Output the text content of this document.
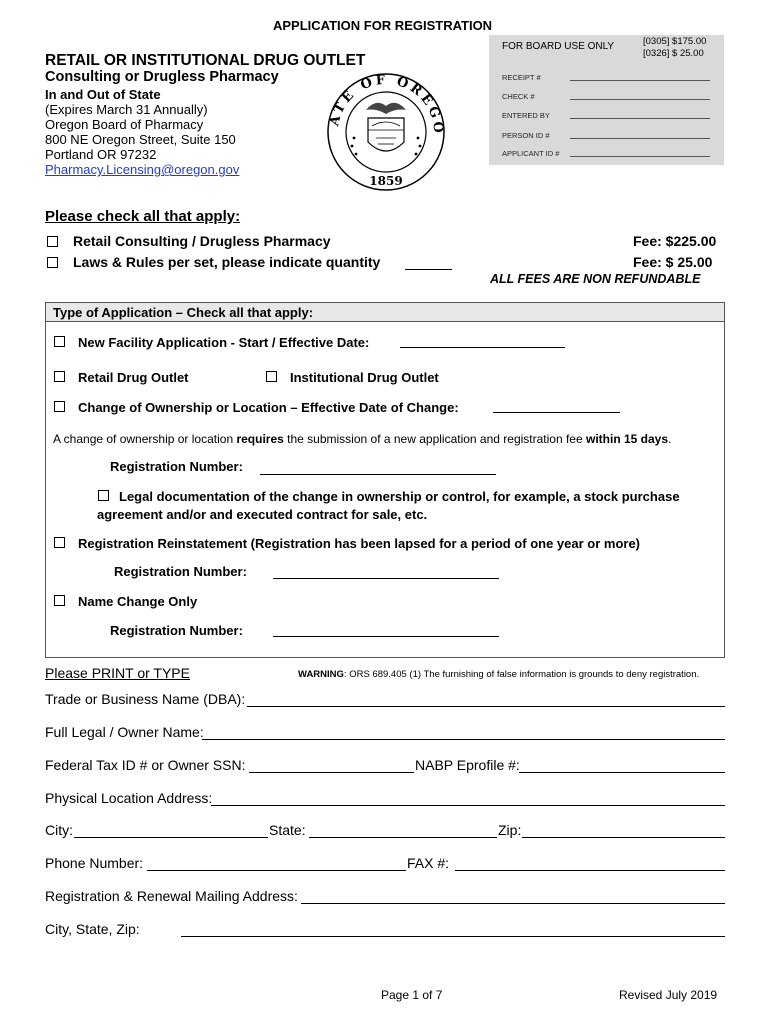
APPLICATION FOR REGISTRATION
RETAIL OR INSTITUTIONAL DRUG OUTLET
Consulting or Drugless Pharmacy
In and Out of State
(Expires March 31 Annually)
Oregon Board of Pharmacy
800 NE Oregon Street, Suite 150
Portland OR 97232
Pharmacy.Licensing@oregon.gov
ATE OF OREGO
1859
FOR BOARD USE ONLY	[0305] $175.00
[0326] $ 25.00
RECEIPT #
CHECK #
ENTERED BY
PERSON ID #
APPLICANT ID #
Please check all that apply:
Retail Consulting / Drugless Pharmacy	Fee: $225.00
Laws & Rules per set, please indicate quantity	Fee: $ 25.00
ALL FEES ARE NON REFUNDABLE
Type of Application – Check all that apply:
New Facility Application - Start / Effective Date:
Retail Drug Outlet	Institutional Drug Outlet
Change of Ownership or Location – Effective Date of Change:
A change of ownership or location requires the submission of a new application and registration fee within 15 days.
Registration Number:
Legal documentation of the change in ownership or control, for example, a stock purchase
agreement and/or and executed contract for sale, etc.
Registration Reinstatement (Registration has been lapsed for a period of one year or more)
Registration Number:
Name Change Only
Registration Number:
Please PRINT or TYPE	WARNING: ORS 689.405 (1) The furnishing of false information is grounds to deny registration.
Trade or Business Name (DBA):
Full Legal / Owner Name:
Federal Tax ID # or Owner SSN:	NABP Eprofile #:
Physical Location Address:
City:	State:	Zip:
Phone Number:	FAX #:
Registration & Renewal Mailing Address:
City, State, Zip:
Page 1 of 7	Revised July 2019
